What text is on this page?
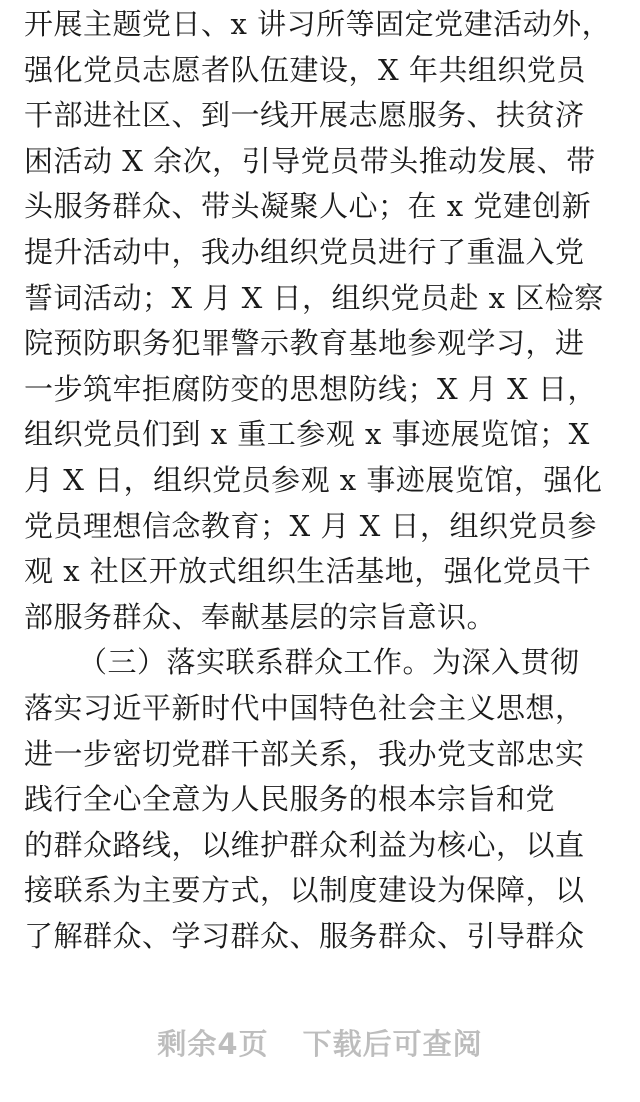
开展主题党日、x 讲习所等固定党建活动外，
强化党员志愿者队伍建设，X 年共组织党员
干部进社区、到一线开展志愿服务、扶贫济
困活动 X 余次，引导党员带头推动发展、带
头服务群众、带头凝聚人心；在 x 党建创新
提升活动中，我办组织党员进行了重温入党
誓词活动；X 月 X 日，组织党员赴 x 区检察
院预防职务犯罪警示教育基地参观学习，进
一步筑牢拒腐防变的思想防线；X 月 X 日，
组织党员们到 x 重工参观 x 事迹展览馆；X
月 X 日，组织党员参观 x 事迹展览馆，强化
党员理想信念教育；X 月 X 日，组织党员参
观 x 社区开放式组织生活基地，强化党员干
部服务群众、奉献基层的宗旨意识。
（三）落实联系群众工作。为深入贯彻
落实习近平新时代中国特色社会主义思想，
进一步密切党群干部关系，我办党支部忠实
践行全心全意为人民服务的根本宗旨和党
的群众路线，以维护群众利益为核心，以直
接联系为主要方式，以制度建设为保障，以
了解群众、学习群众、服务群众、引导群众
剩余4页 下载后可查阅
